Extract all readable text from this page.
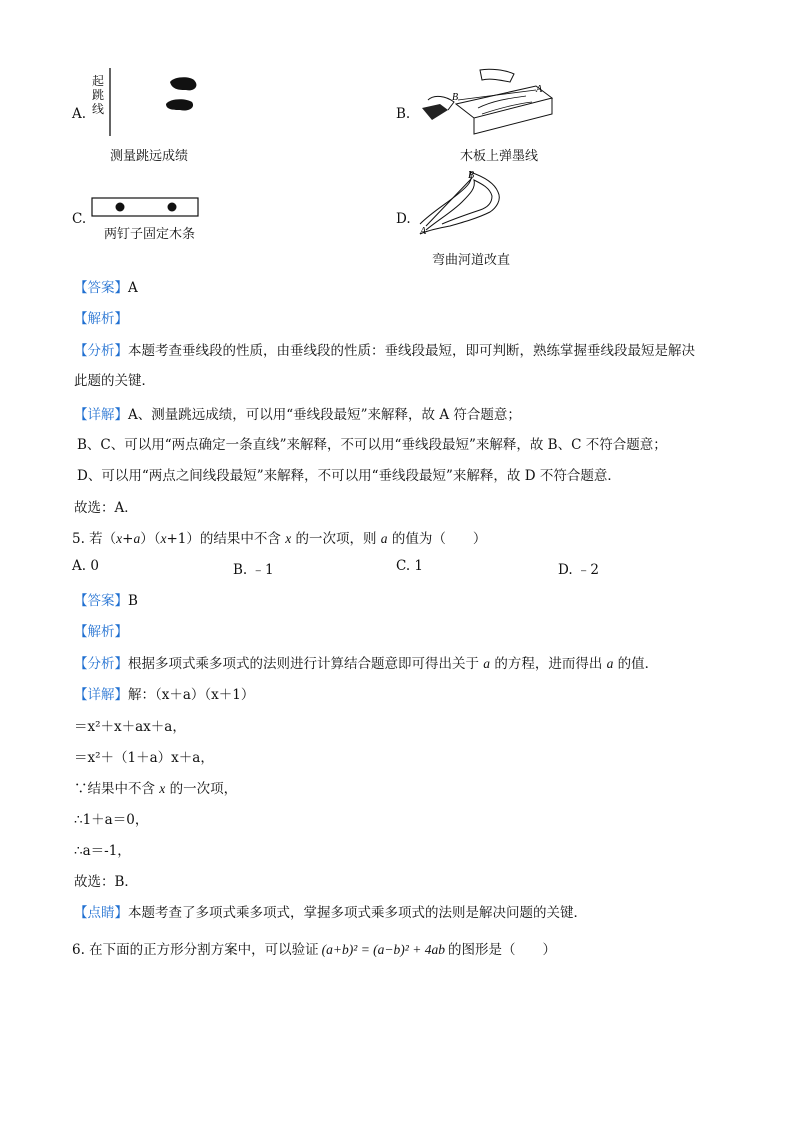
A.
起跳线
测量跳远成绩
B.
B
A
木板上弹墨线
C.
两钉子固定木条
D.
A
B
弯曲河道改直
【答案】A
【解析】
【分析】本题考查垂线段的性质，由垂线段的性质：垂线段最短，即可判断，熟练掌握垂线段最短是解决
此题的关键．
【详解】A、测量跳远成绩，可以用“垂线段最短”来解释，故 A 符合题意；
B、C、可以用“两点确定一条直线”来解释，不可以用“垂线段最短”来解释，故 B、C 不符合题意；
D、可以用“两点之间线段最短”来解释，不可以用“垂线段最短”来解释，故 D 不符合题意．
故选：A．
5. 若（x+a）（x+1）的结果中不含 x 的一次项，则 a 的值为（　　）
A. 0	B. ﹣1	C. 1	D. ﹣2
【答案】B
【解析】
【分析】根据多项式乘多项式的法则进行计算结合题意即可得出关于 a 的方程，进而得出 a 的值．
【详解】解：（x＋a）（x＋1）
＝x²＋x＋ax＋a，
＝x²＋（1＋a）x＋a，
∵结果中不含 x 的一次项，
∴1＋a＝0，
∴a＝-1，
故选：B．
【点睛】本题考查了多项式乘多项式，掌握多项式乘多项式的法则是解决问题的关键．
6. 在下面的正方形分割方案中，可以验证 (a+b)² = (a−b)² + 4ab 的图形是（　　）
